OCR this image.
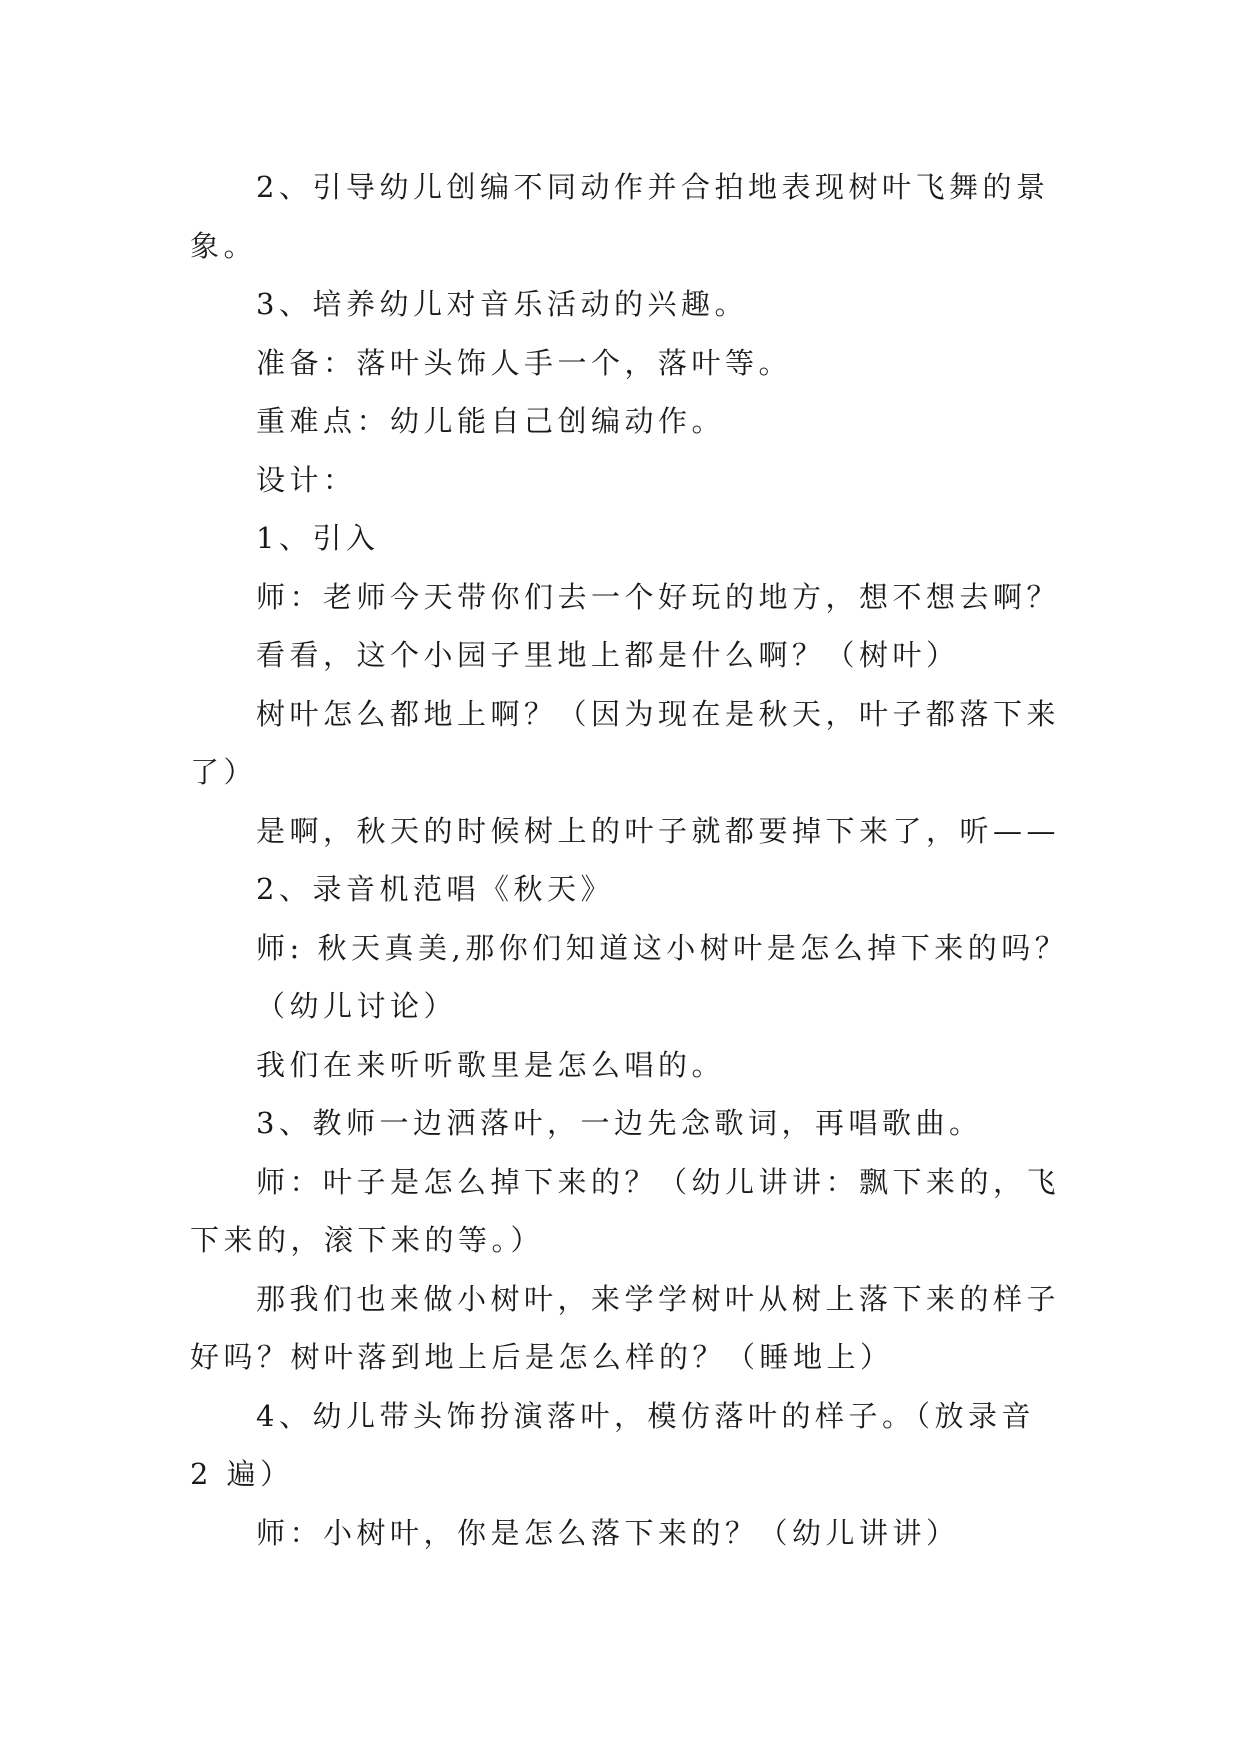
2、引导幼儿创编不同动作并合拍地表现树叶飞舞的景象。

3、培养幼儿对音乐活动的兴趣。

准备：落叶头饰人手一个，落叶等。

重难点：幼儿能自己创编动作。

设计：

1、引入

师：老师今天带你们去一个好玩的地方，想不想去啊？

看看，这个小园子里地上都是什么啊？（树叶）

树叶怎么都地上啊？（因为现在是秋天，叶子都落下来了）

是啊，秋天的时候树上的叶子就都要掉下来了，听——

2、录音机范唱《秋天》

师: 秋天真美,那你们知道这小树叶是怎么掉下来的吗？

（幼儿讨论）

我们在来听听歌里是怎么唱的。

3、教师一边洒落叶，一边先念歌词，再唱歌曲。

师：叶子是怎么掉下来的？（幼儿讲讲：飘下来的，飞下来的，滚下来的等。）

那我们也来做小树叶，来学学树叶从树上落下来的样子好吗？树叶落到地上后是怎么样的？（睡地上）

4、幼儿带头饰扮演落叶，模仿落叶的样子。（放录音 2 遍）

师：小树叶，你是怎么落下来的？（幼儿讲讲）
